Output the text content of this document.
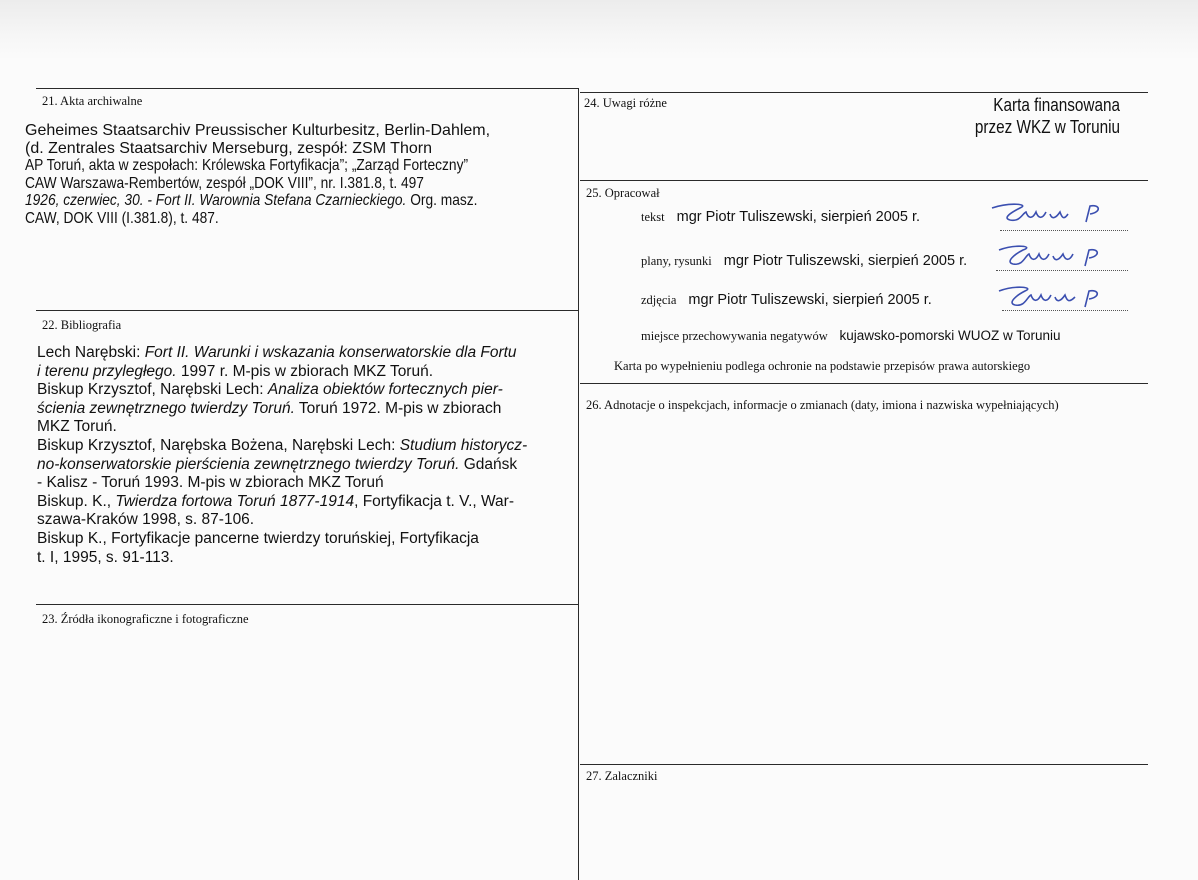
21. Akta archiwalne
Geheimes Staatsarchiv Preussischer Kulturbesitz, Berlin-Dahlem,
(d. Zentrales Staatsarchiv Merseburg, zespół: ZSM Thorn
AP Toruń, akta w zespołach: Królewska Fortyfikacja”; „Zarząd Forteczny”
CAW Warszawa-Rembertów, zespół „DOK VIII”, nr. I.381.8, t. 497
1926, czerwiec, 30. - Fort II. Warownia Stefana Czarnieckiego. Org. masz.
CAW, DOK VIII (I.381.8), t. 487.
22. Bibliografia
Lech Narębski: Fort II. Warunki i wskazania konserwatorskie dla Fortu
i terenu przyległego. 1997 r. M-pis w zbiorach MKZ Toruń.
Biskup Krzysztof, Narębski Lech: Analiza obiektów fortecznych pier-
ścienia zewnętrznego twierdzy Toruń. Toruń 1972. M-pis w zbiorach
MKZ Toruń.
Biskup Krzysztof, Narębska Bożena, Narębski Lech: Studium historycz-
no-konserwatorskie pierścienia zewnętrznego twierdzy Toruń. Gdańsk
- Kalisz - Toruń 1993. M-pis w zbiorach MKZ Toruń
Biskup. K., Twierdza fortowa Toruń 1877-1914, Fortyfikacja t. V., War-
szawa-Kraków 1998, s. 87-106.
Biskup K., Fortyfikacje pancerne twierdzy toruńskiej, Fortyfikacja
t. I, 1995, s. 91-113.
23. Źródła ikonograficzne i fotograficzne
24. Uwagi różne	Karta finansowana
przez WKZ w Toruniu
25. Opracował
tekst mgr Piotr Tuliszewski, sierpień 2005 r.
plany, rysunki mgr Piotr Tuliszewski, sierpień 2005 r.
zdjęcia mgr Piotr Tuliszewski, sierpień 2005 r.
miejsce przechowywania negatywów kujawsko-pomorski WUOZ w Toruniu
Karta po wypełnieniu podlega ochronie na podstawie przepisów prawa autorskiego
26. Adnotacje o inspekcjach, informacje o zmianach (daty, imiona i nazwiska wypełniających)
27. Zalaczniki
